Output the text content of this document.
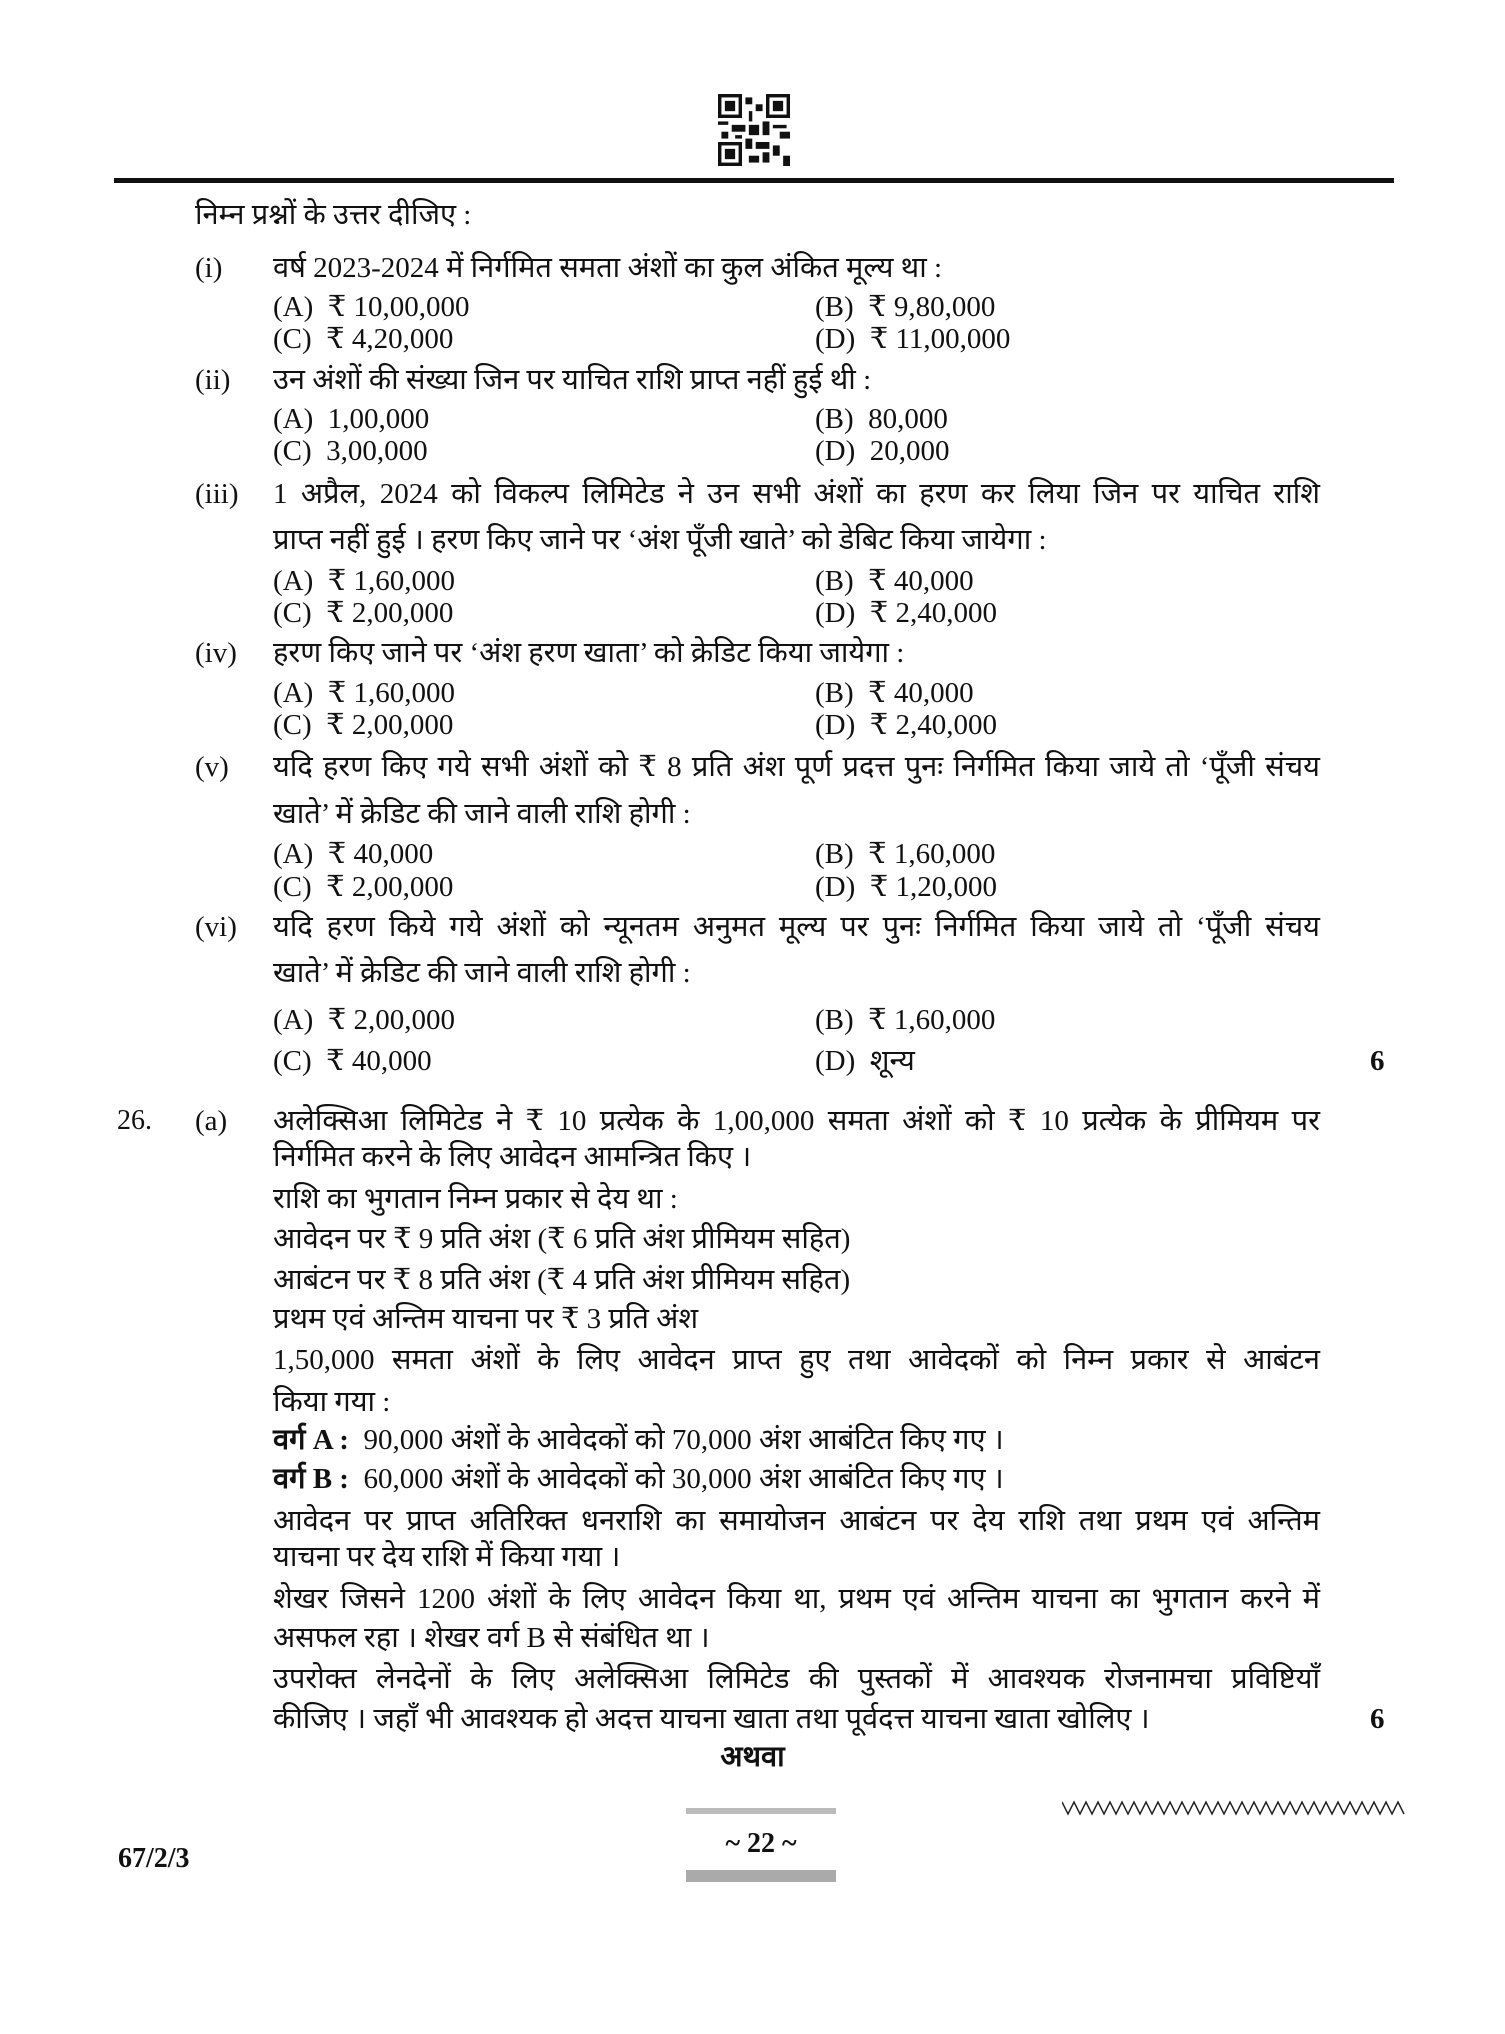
निम्न प्रश्नों के उत्तर दीजिए :
(i) वर्ष 2023-2024 में निर्गमित समता अंशों का कुल अंकित मूल्य था :
(A) ₹ 10,00,000	(B) ₹ 9,80,000
(C) ₹ 4,20,000	(D) ₹ 11,00,000
(ii) उन अंशों की संख्या जिन पर याचित राशि प्राप्त नहीं हुई थी :
(A) 1,00,000	(B) 80,000
(C) 3,00,000	(D) 20,000
(iii) 1 अप्रैल, 2024 को विकल्प लिमिटेड ने उन सभी अंशों का हरण कर लिया जिन पर याचित राशि
प्राप्त नहीं हुई । हरण किए जाने पर ‘अंश पूँजी खाते’ को डेबिट किया जायेगा :
(A) ₹ 1,60,000	(B) ₹ 40,000
(C) ₹ 2,00,000	(D) ₹ 2,40,000
(iv) हरण किए जाने पर ‘अंश हरण खाता’ को क्रेडिट किया जायेगा :
(A) ₹ 1,60,000	(B) ₹ 40,000
(C) ₹ 2,00,000	(D) ₹ 2,40,000
(v) यदि हरण किए गये सभी अंशों को ₹ 8 प्रति अंश पूर्ण प्रदत्त पुनः निर्गमित किया जाये तो ‘पूँजी संचय
खाते’ में क्रेडिट की जाने वाली राशि होगी :
(A) ₹ 40,000	(B) ₹ 1,60,000
(C) ₹ 2,00,000	(D) ₹ 1,20,000
(vi) यदि हरण किये गये अंशों को न्यूनतम अनुमत मूल्य पर पुनः निर्गमित किया जाये तो ‘पूँजी संचय
खाते’ में क्रेडिट की जाने वाली राशि होगी :
(A) ₹ 2,00,000	(B) ₹ 1,60,000
(C) ₹ 40,000	(D) शून्य	6
26. (a) अलेक्सिआ लिमिटेड ने ₹ 10 प्रत्येक के 1,00,000 समता अंशों को ₹ 10 प्रत्येक के प्रीमियम पर
निर्गमित करने के लिए आवेदन आमन्त्रित किए ।
राशि का भुगतान निम्न प्रकार से देय था :
आवेदन पर ₹ 9 प्रति अंश (₹ 6 प्रति अंश प्रीमियम सहित)
आबंटन पर ₹ 8 प्रति अंश (₹ 4 प्रति अंश प्रीमियम सहित)
प्रथम एवं अन्तिम याचना पर ₹ 3 प्रति अंश
1,50,000 समता अंशों के लिए आवेदन प्राप्त हुए तथा आवेदकों को निम्न प्रकार से आबंटन
किया गया :
वर्ग A : 90,000 अंशों के आवेदकों को 70,000 अंश आबंटित किए गए ।
वर्ग B : 60,000 अंशों के आवेदकों को 30,000 अंश आबंटित किए गए ।
आवेदन पर प्राप्त अतिरिक्त धनराशि का समायोजन आबंटन पर देय राशि तथा प्रथम एवं अन्तिम
याचना पर देय राशि में किया गया ।
शेखर जिसने 1200 अंशों के लिए आवेदन किया था, प्रथम एवं अन्तिम याचना का भुगतान करने में
असफल रहा । शेखर वर्ग B से संबंधित था ।
उपरोक्त लेनदेनों के लिए अलेक्सिआ लिमिटेड की पुस्तकों में आवश्यक रोजनामचा प्रविष्टियाँ
कीजिए । जहाँ भी आवश्यक हो अदत्त याचना खाता तथा पूर्वदत्त याचना खाता खोलिए ।	6
अथवा
67/2/3	~ 22 ~
